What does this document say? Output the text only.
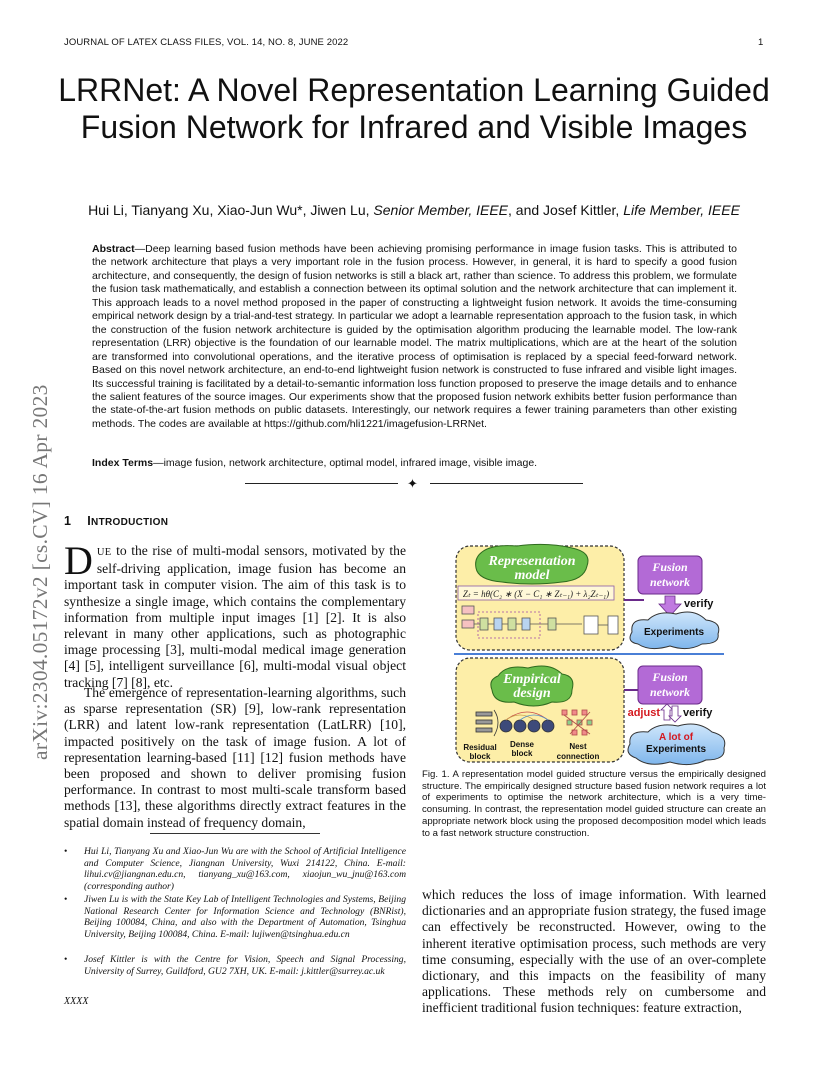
JOURNAL OF LATEX CLASS FILES, VOL. 14, NO. 8, JUNE 2022	1
arXiv:2304.05172v2 [cs.CV] 16 Apr 2023
LRRNet: A Novel Representation Learning Guided Fusion Network for Infrared and Visible Images
Hui Li, Tianyang Xu, Xiao-Jun Wu*, Jiwen Lu, Senior Member, IEEE, and Josef Kittler, Life Member, IEEE
Abstract—Deep learning based fusion methods have been achieving promising performance in image fusion tasks. This is attributed to the network architecture that plays a very important role in the fusion process. However, in general, it is hard to specify a good fusion architecture, and consequently, the design of fusion networks is still a black art, rather than science. To address this problem, we formulate the fusion task mathematically, and establish a connection between its optimal solution and the network architecture that can implement it. This approach leads to a novel method proposed in the paper of constructing a lightweight fusion network. It avoids the time-consuming empirical network design by a trial-and-test strategy. In particular we adopt a learnable representation approach to the fusion task, in which the construction of the fusion network architecture is guided by the optimisation algorithm producing the learnable model. The low-rank representation (LRR) objective is the foundation of our learnable model. The matrix multiplications, which are at the heart of the solution are transformed into convolutional operations, and the iterative process of optimisation is replaced by a special feed-forward network. Based on this novel network architecture, an end-to-end lightweight fusion network is constructed to fuse infrared and visible light images. Its successful training is facilitated by a detail-to-semantic information loss function proposed to preserve the image details and to enhance the salient features of the source images. Our experiments show that the proposed fusion network exhibits better fusion performance than the state-of-the-art fusion methods on public datasets. Interestingly, our network requires a fewer training parameters than other existing methods. The codes are available at https://github.com/hli1221/imagefusion-LRRNet.
Index Terms—image fusion, network architecture, optimal model, infrared image, visible image.
✦
1 INTRODUCTION
DUE to the rise of multi-modal sensors, motivated by the self-driving application, image fusion has become an important task in computer vision. The aim of this task is to synthesize a single image, which contains the complementary information from multiple input images [1] [2]. It is also relevant in many other applications, such as photographic image processing [3], multi-modal medical image generation [4] [5], intelligent surveillance [6], multi-modal visual object tracking [7] [8], etc.
The emergence of representation-learning algorithms, such as sparse representation (SR) [9], low-rank representation (LRR) and latent low-rank representation (LatLRR) [10], impacted positively on the task of image fusion. A lot of representation learning-based [11] [12] fusion methods have been proposed and shown to deliver promising fusion performance. In contrast to most multi-scale transform based methods [13], these algorithms directly extract features in the spatial domain instead of frequency domain,
• Hui Li, Tianyang Xu and Xiao-Jun Wu are with the School of Artificial Intelligence and Computer Science, Jiangnan University, Wuxi 214122, China. E-mail: lihui.cv@jiangnan.edu.cn, tianyang_xu@163.com, xiaojun_wu_jnu@163.com (corresponding author)
• Jiwen Lu is with the State Key Lab of Intelligent Technologies and Systems, Beijing National Research Center for Information Science and Technology (BNRist), Beijing 100084, China, and also with the Department of Automation, Tsinghua University, Beijing 100084, China. E-mail: lujiwen@tsinghua.edu.cn
• Josef Kittler is with the Centre for Vision, Speech and Signal Processing, University of Surrey, Guildford, GU2 7XH, UK. E-mail: j.kittler@surrey.ac.uk
XXXX
Representation
model
Zₜ = hθ(C₂ ∗ (X − C₁ ∗ Zₜ₋₁) + λ₂Zₜ₋₁)
Fusion
network
verify
Experiments
Empirical
design
Residual
block
Dense
block
Nest
connection
Fusion
network
adjust verify
A lot of
Experiments
Fig. 1. A representation model guided structure versus the empirically designed structure. The empirically designed structure based fusion network requires a lot of experiments to optimise the network architecture, which is a very time-consuming. In contrast, the representation model guided structure can create an appropriate network block using the proposed decomposition model which leads to a fast network structure construction.
which reduces the loss of image information. With learned dictionaries and an appropriate fusion strategy, the fused image can effectively be reconstructed. However, owing to the inherent iterative optimisation process, such methods are very time consuming, especially with the use of an over-complete dictionary, and this impacts on the feasibility of many applications. These methods rely on cumbersome and inefficient traditional fusion techniques: feature extraction,
